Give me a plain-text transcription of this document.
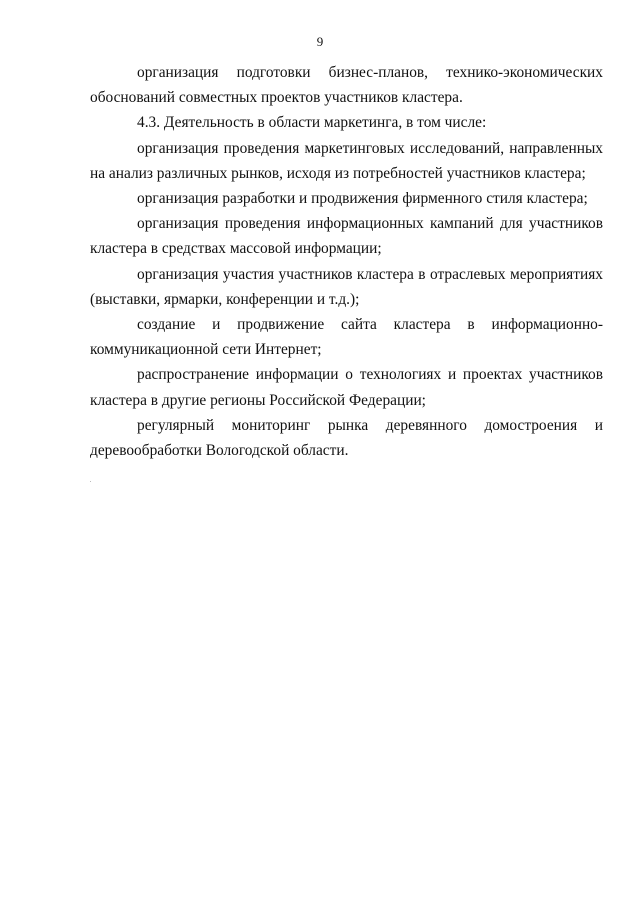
9

организация подготовки бизнес-планов, технико-экономических обоснований совместных проектов участников кластера.

4.3. Деятельность в области маркетинга, в том числе:

организация проведения маркетинговых исследований, направленных на анализ различных рынков, исходя из потребностей участников кластера;

организация разработки и продвижения фирменного стиля кластера;

организация проведения информационных кампаний для участников кластера в средствах массовой информации;

организация участия участников кластера в отраслевых мероприятиях (выставки, ярмарки, конференции и т.д.);

создание и продвижение сайта кластера в информационно-коммуникационной сети Интернет;

распространение информации о технологиях и проектах участников кластера в другие регионы Российской Федерации;

регулярный мониторинг рынка деревянного домостроения и деревообработки Вологодской области.
